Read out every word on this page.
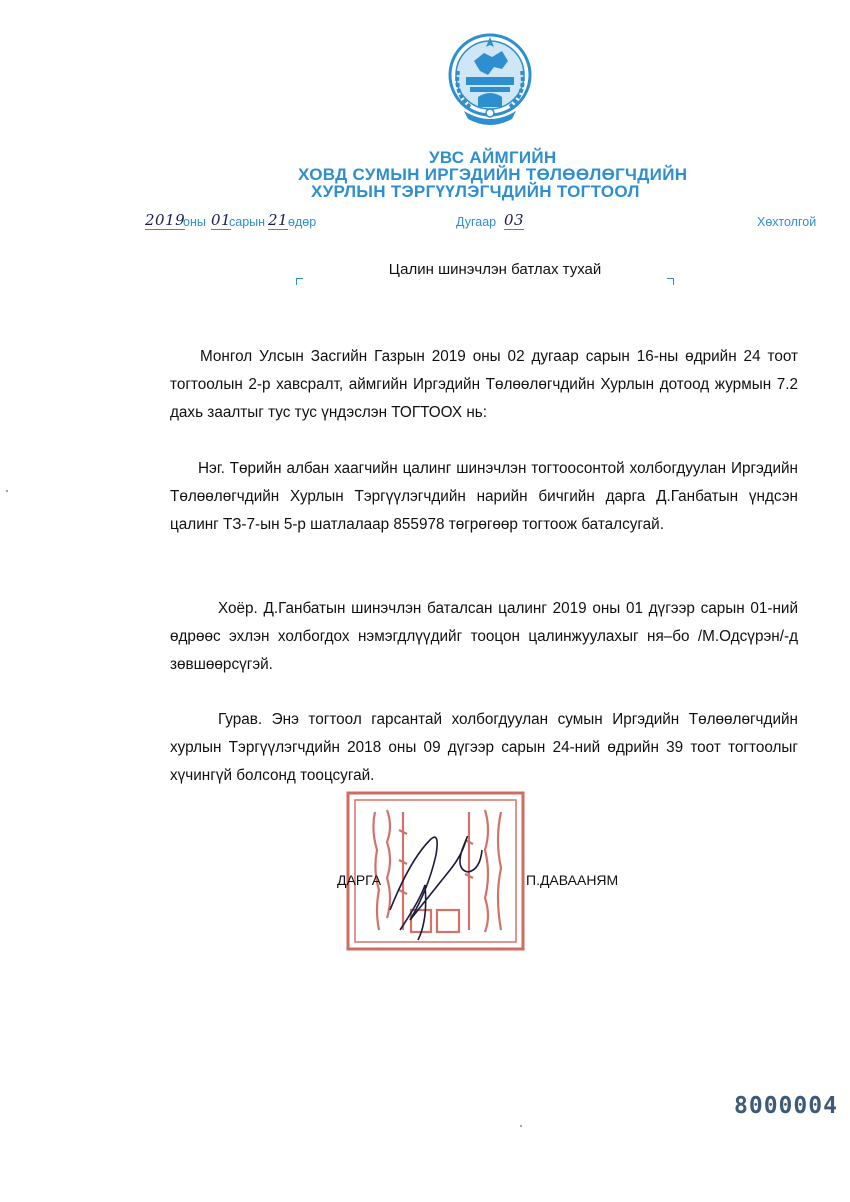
УВС АЙМГИЙН
ХОВД СУМЫН ИРГЭДИЙН ТӨЛӨӨЛӨГЧДИЙН
ХУРЛЫН ТЭРГҮҮЛЭГЧДИЙН ТОГТООЛ
2019
оны 01
сарын 21 өдөр	Дугаар 03	Хөхтолгой
Цалин шинэчлэн батлах тухай

Монгол Улсын Засгийн Газрын 2019 оны 02 дугаар сарын 16-ны өдрийн 24 тоот тогтоолын 2-р хавсралт, аймгийн Иргэдийн Төлөөлөгчдийн Хурлын дотоод журмын 7.2 дахь заалтыг тус тус үндэслэн ТОГТООХ нь:

Нэг. Төрийн албан хаагчийн цалинг шинэчлэн тогтоосонтой холбогдуулан Иргэдийн Төлөөлөгчдийн Хурлын Тэргүүлэгчдийн нарийн бичгийн дарга Д.Ганбатын үндсэн цалинг ТЗ-7-ын 5-р шатлалаар 855978 төгрөгөөр тогтоож баталсугай.

Хоёр. Д.Ганбатын шинэчлэн баталсан цалинг 2019 оны 01 дүгээр сарын 01-ний өдрөөс эхлэн холбогдох нэмэгдлүүдийг тооцон цалинжуулахыг ня–бо /М.Одсүрэн/-д зөвшөөрсүгэй.

Гурав. Энэ тогтоол гарсантай холбогдуулан сумын Иргэдийн Төлөөлөгчдийн хурлын Тэргүүлэгчдийн 2018 оны 09 дүгээр сарын 24-ний өдрийн 39 тоот тогтоолыг хүчингүй болсонд тооцсугай.

ДАРГА	П.ДАВААНЯМ
8000004
